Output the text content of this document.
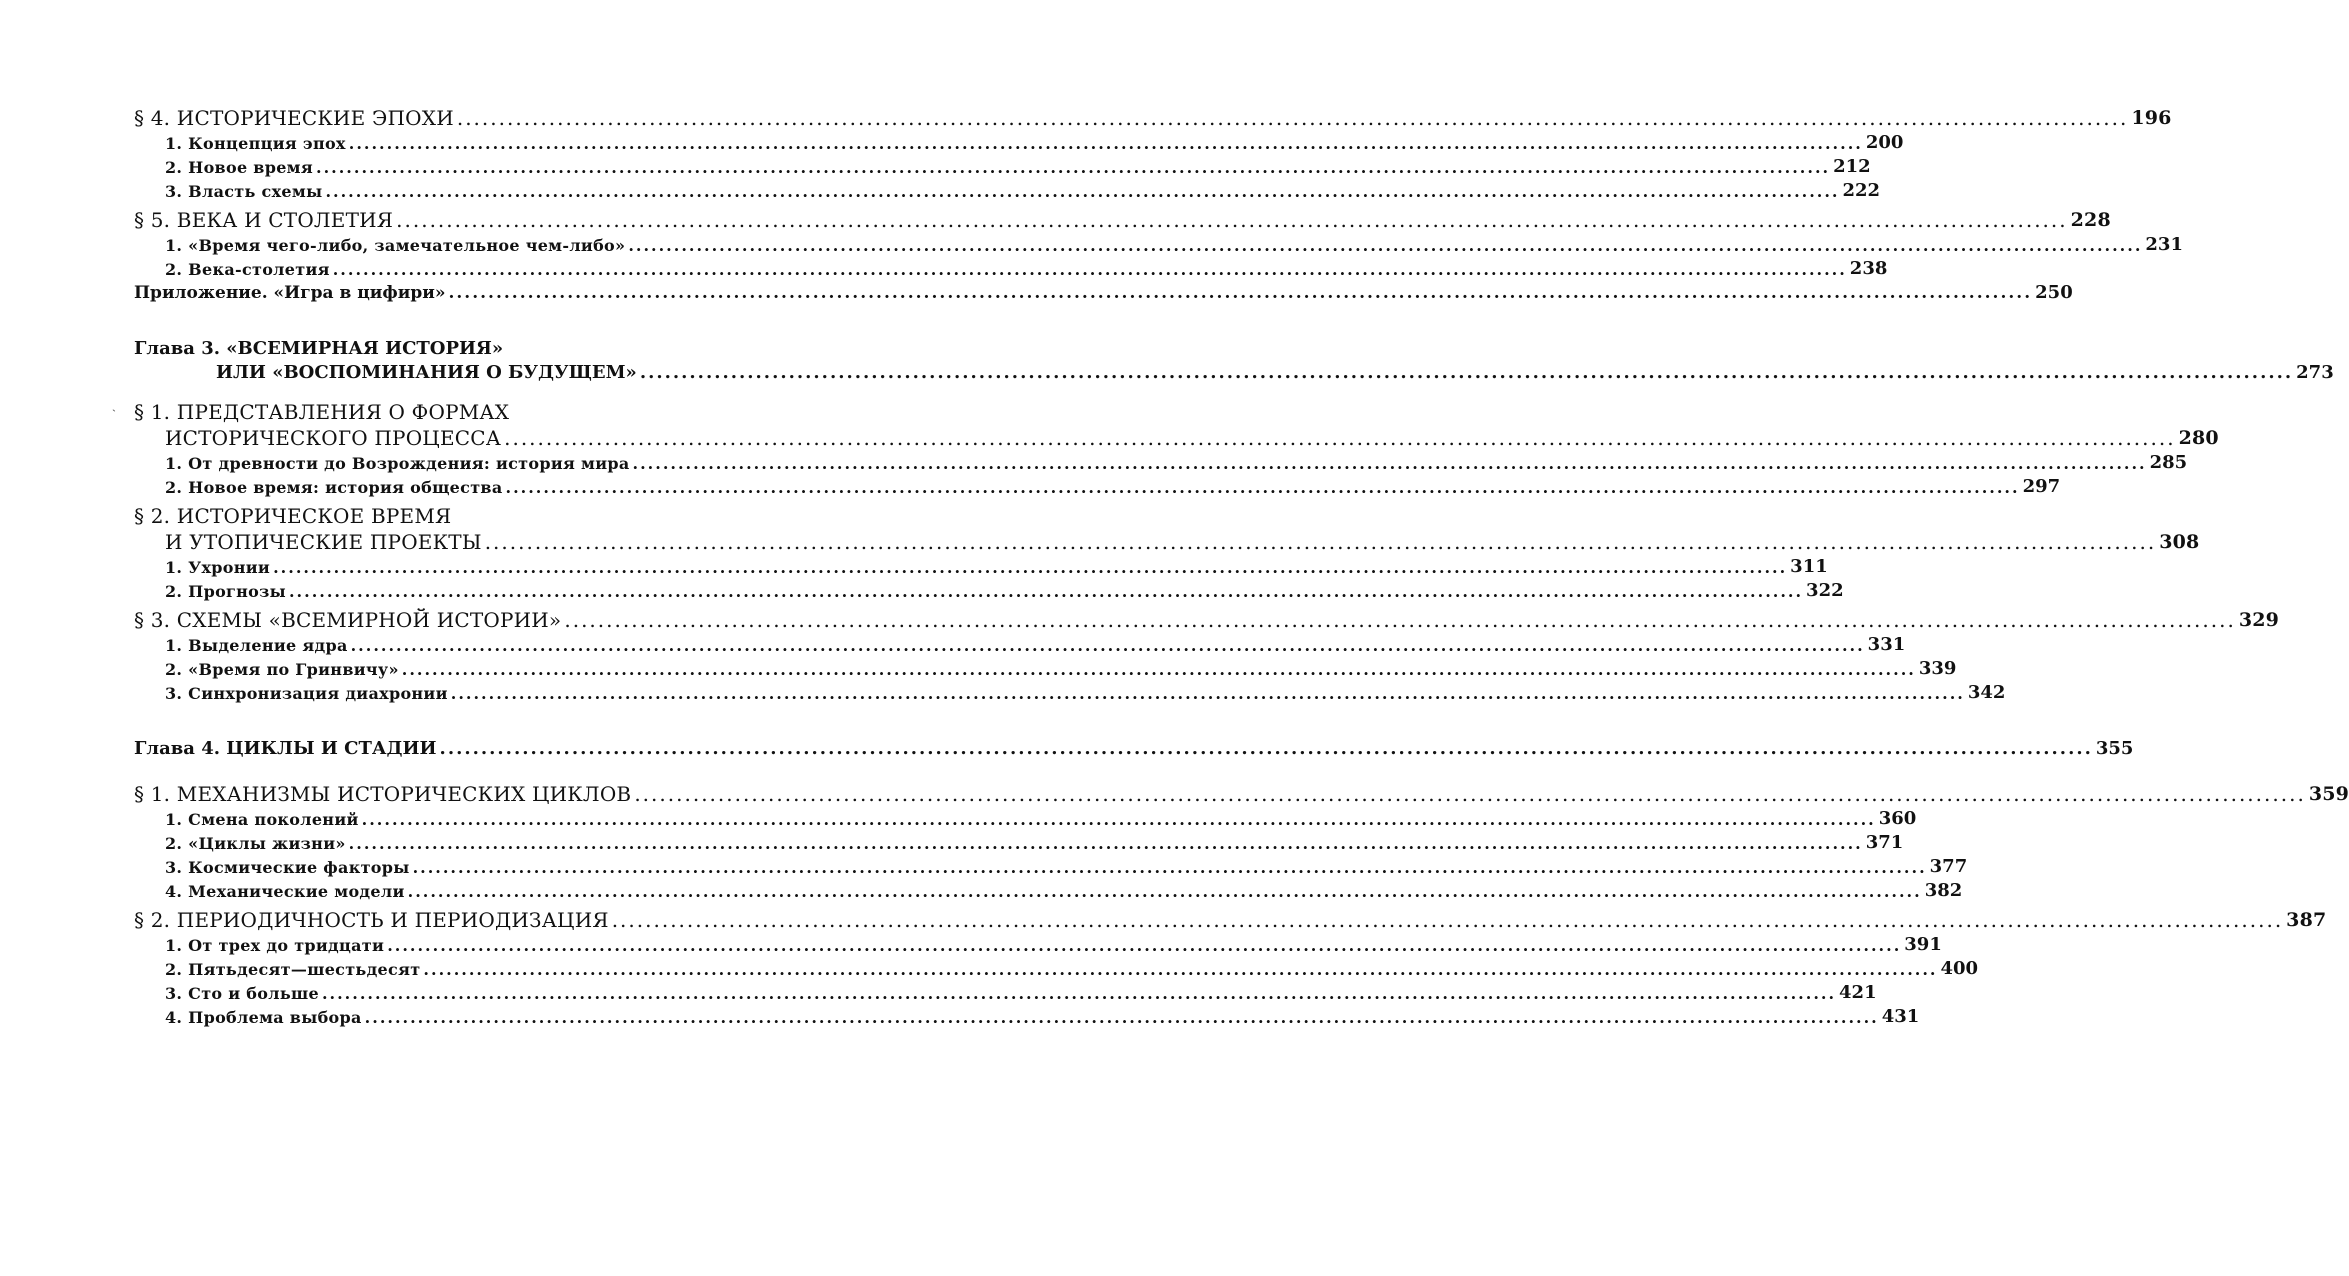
§ 4. ИСТОРИЧЕСКИЕ ЭПОХИ ........................................................................................................................................................................................................ 196
1. Концепция эпох ........................................................................................................................................................................................................ 200
2. Новое время ........................................................................................................................................................................................................ 212
3. Власть схемы ........................................................................................................................................................................................................ 222
§ 5. ВЕКА И СТОЛЕТИЯ ........................................................................................................................................................................................................ 228
1. «Время чего-либо, замечательное чем-либо» ........................................................................................................................................................................................................ 231
2. Века-столетия ........................................................................................................................................................................................................ 238
Приложение. «Игра в цифири» ........................................................................................................................................................................................................ 250
Глава 3. «ВСЕМИРНАЯ ИСТОРИЯ»
ИЛИ «ВОСПОМИНАНИЯ О БУДУЩЕМ» ........................................................................................................................................................................................................ 273
§ 1. ПРЕДСТАВЛЕНИЯ О ФОРМАХ
ИСТОРИЧЕСКОГО ПРОЦЕССА ........................................................................................................................................................................................................ 280
1. От древности до Возрождения: история мира ........................................................................................................................................................................................................ 285
2. Новое время: история общества ........................................................................................................................................................................................................ 297
§ 2. ИСТОРИЧЕСКОЕ ВРЕМЯ
И УТОПИЧЕСКИЕ ПРОЕКТЫ ........................................................................................................................................................................................................ 308
1. Ухронии ........................................................................................................................................................................................................ 311
2. Прогнозы ........................................................................................................................................................................................................ 322
§ 3. СХЕМЫ «ВСЕМИРНОЙ ИСТОРИИ» ........................................................................................................................................................................................................ 329
1. Выделение ядра ........................................................................................................................................................................................................ 331
2. «Время по Гринвичу» ........................................................................................................................................................................................................ 339
3. Синхронизация диахронии ........................................................................................................................................................................................................ 342
Глава 4. ЦИКЛЫ И СТАДИИ ........................................................................................................................................................................................................ 355
§ 1. МЕХАНИЗМЫ ИСТОРИЧЕСКИХ ЦИКЛОВ ........................................................................................................................................................................................................ 359
1. Смена поколений ........................................................................................................................................................................................................ 360
2. «Циклы жизни» ........................................................................................................................................................................................................ 371
3. Космические факторы ........................................................................................................................................................................................................ 377
4. Механические модели ........................................................................................................................................................................................................ 382
§ 2. ПЕРИОДИЧНОСТЬ И ПЕРИОДИЗАЦИЯ ........................................................................................................................................................................................................ 387
1. От трех до тридцати ........................................................................................................................................................................................................ 391
2. Пятьдесят—шестьдесят ........................................................................................................................................................................................................ 400
3. Сто и больше ........................................................................................................................................................................................................ 421
4. Проблема выбора ........................................................................................................................................................................................................ 431
ˏ
